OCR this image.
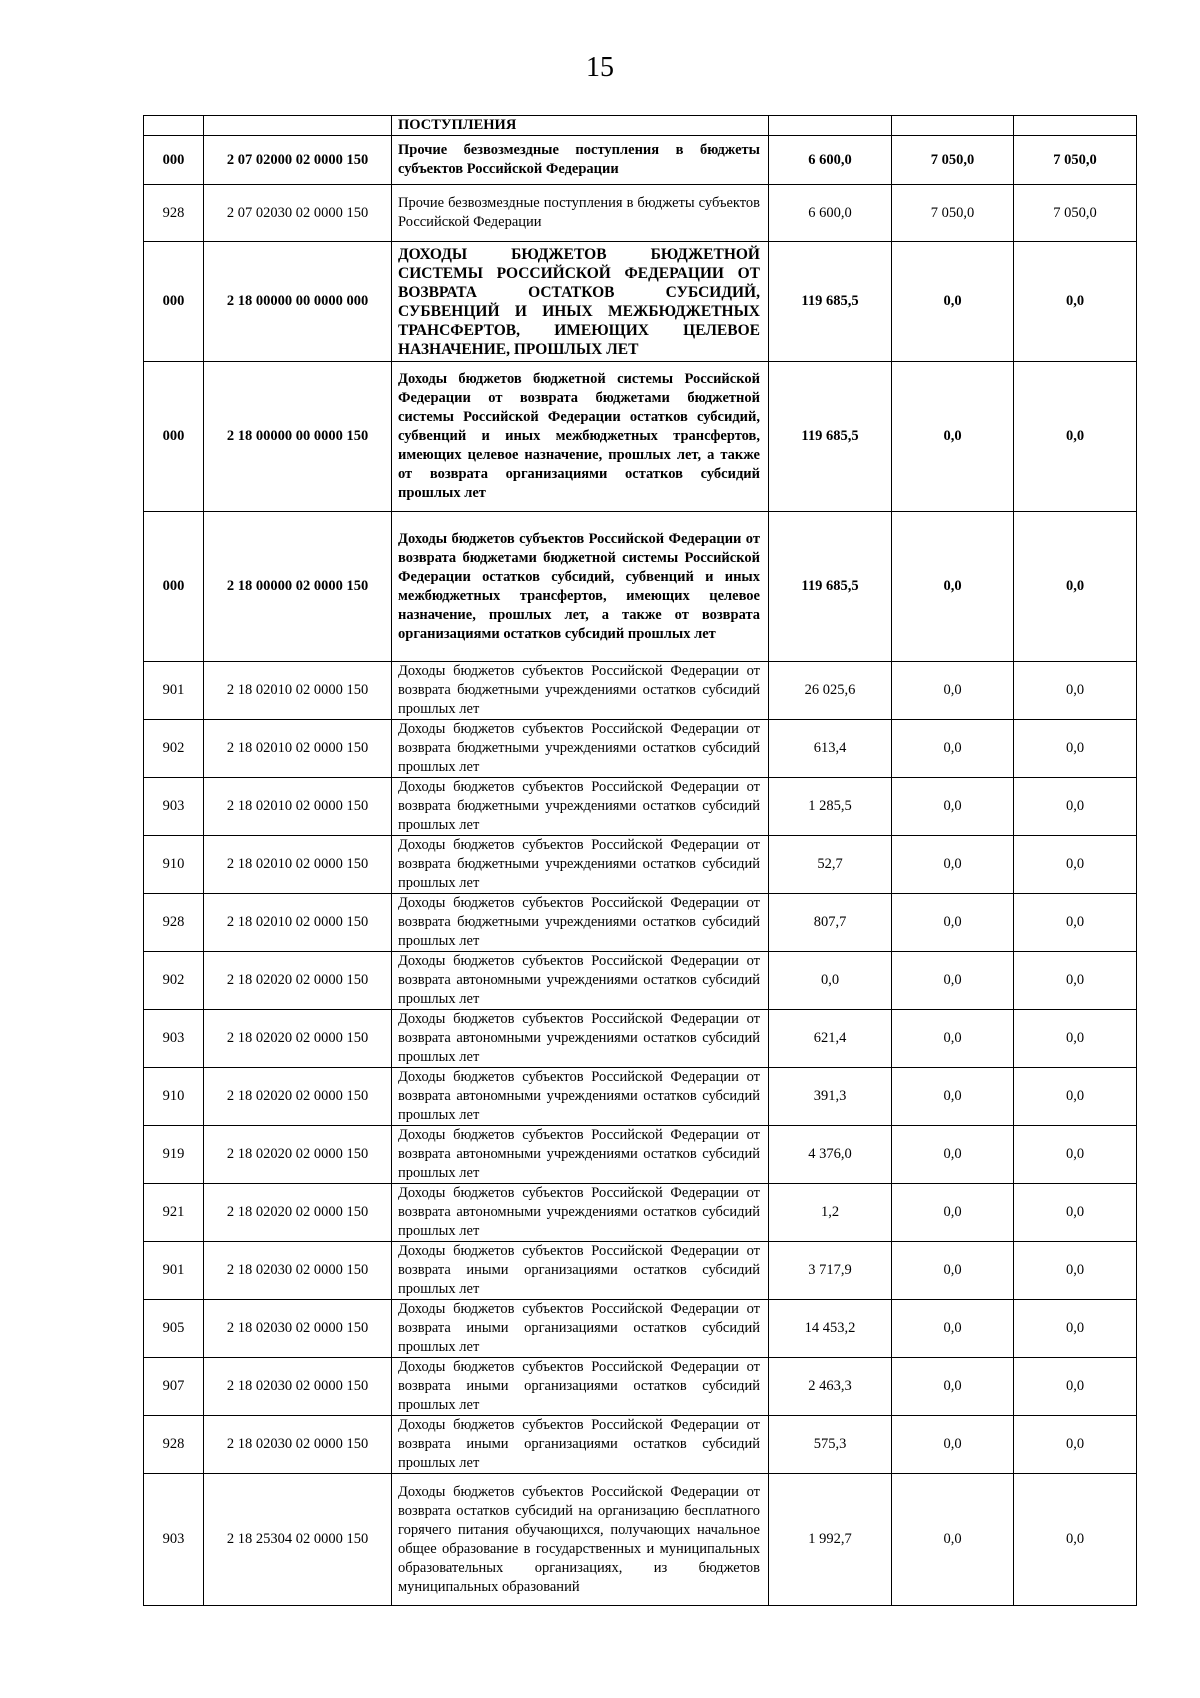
15
		ПОСТУПЛЕНИЯ			
000	2 07 02000 02 0000 150	Прочие безвозмездные поступления в бюджеты субъектов Российской Федерации	6 600,0	7 050,0	7 050,0
928	2 07 02030 02 0000 150	Прочие безвозмездные поступления в бюджеты субъектов Российской Федерации	6 600,0	7 050,0	7 050,0
000	2 18 00000 00 0000 000	ДОХОДЫ БЮДЖЕТОВ БЮДЖЕТНОЙ СИСТЕМЫ РОССИЙСКОЙ ФЕДЕРАЦИИ ОТ ВОЗВРАТА ОСТАТКОВ СУБСИДИЙ, СУБВЕНЦИЙ И ИНЫХ МЕЖБЮДЖЕТНЫХ ТРАНСФЕРТОВ, ИМЕЮЩИХ ЦЕЛЕВОЕ НАЗНАЧЕНИЕ, ПРОШЛЫХ ЛЕТ	119 685,5	0,0	0,0
000	2 18 00000 00 0000 150	Доходы бюджетов бюджетной системы Российской Федерации от возврата бюджетами бюджетной системы Российской Федерации остатков субсидий, субвенций и иных межбюджетных трансфертов, имеющих целевое назначение, прошлых лет, а также от возврата организациями остатков субсидий прошлых лет	119 685,5	0,0	0,0
000	2 18 00000 02 0000 150	Доходы бюджетов субъектов Российской Федерации от возврата бюджетами бюджетной системы Российской Федерации остатков субсидий, субвенций и иных межбюджетных трансфертов, имеющих целевое назначение, прошлых лет, а также от возврата организациями остатков субсидий прошлых лет	119 685,5	0,0	0,0
901	2 18 02010 02 0000 150	Доходы бюджетов субъектов Российской Федерации от возврата бюджетными учреждениями остатков субсидий прошлых лет	26 025,6	0,0	0,0
902	2 18 02010 02 0000 150	Доходы бюджетов субъектов Российской Федерации от возврата бюджетными учреждениями остатков субсидий прошлых лет	613,4	0,0	0,0
903	2 18 02010 02 0000 150	Доходы бюджетов субъектов Российской Федерации от возврата бюджетными учреждениями остатков субсидий прошлых лет	1 285,5	0,0	0,0
910	2 18 02010 02 0000 150	Доходы бюджетов субъектов Российской Федерации от возврата бюджетными учреждениями остатков субсидий прошлых лет	52,7	0,0	0,0
928	2 18 02010 02 0000 150	Доходы бюджетов субъектов Российской Федерации от возврата бюджетными учреждениями остатков субсидий прошлых лет	807,7	0,0	0,0
902	2 18 02020 02 0000 150	Доходы бюджетов субъектов Российской Федерации от возврата автономными учреждениями остатков субсидий прошлых лет	0,0	0,0	0,0
903	2 18 02020 02 0000 150	Доходы бюджетов субъектов Российской Федерации от возврата автономными учреждениями остатков субсидий прошлых лет	621,4	0,0	0,0
910	2 18 02020 02 0000 150	Доходы бюджетов субъектов Российской Федерации от возврата автономными учреждениями остатков субсидий прошлых лет	391,3	0,0	0,0
919	2 18 02020 02 0000 150	Доходы бюджетов субъектов Российской Федерации от возврата автономными учреждениями остатков субсидий прошлых лет	4 376,0	0,0	0,0
921	2 18 02020 02 0000 150	Доходы бюджетов субъектов Российской Федерации от возврата автономными учреждениями остатков субсидий прошлых лет	1,2	0,0	0,0
901	2 18 02030 02 0000 150	Доходы бюджетов субъектов Российской Федерации от возврата иными организациями остатков субсидий прошлых лет	3 717,9	0,0	0,0
905	2 18 02030 02 0000 150	Доходы бюджетов субъектов Российской Федерации от возврата иными организациями остатков субсидий прошлых лет	14 453,2	0,0	0,0
907	2 18 02030 02 0000 150	Доходы бюджетов субъектов Российской Федерации от возврата иными организациями остатков субсидий прошлых лет	2 463,3	0,0	0,0
928	2 18 02030 02 0000 150	Доходы бюджетов субъектов Российской Федерации от возврата иными организациями остатков субсидий прошлых лет	575,3	0,0	0,0
903	2 18 25304 02 0000 150	Доходы бюджетов субъектов Российской Федерации от возврата остатков субсидий на организацию бесплатного горячего питания обучающихся, получающих начальное общее образование в государственных и муниципальных образовательных организациях, из бюджетов муниципальных образований	1 992,7	0,0	0,0
